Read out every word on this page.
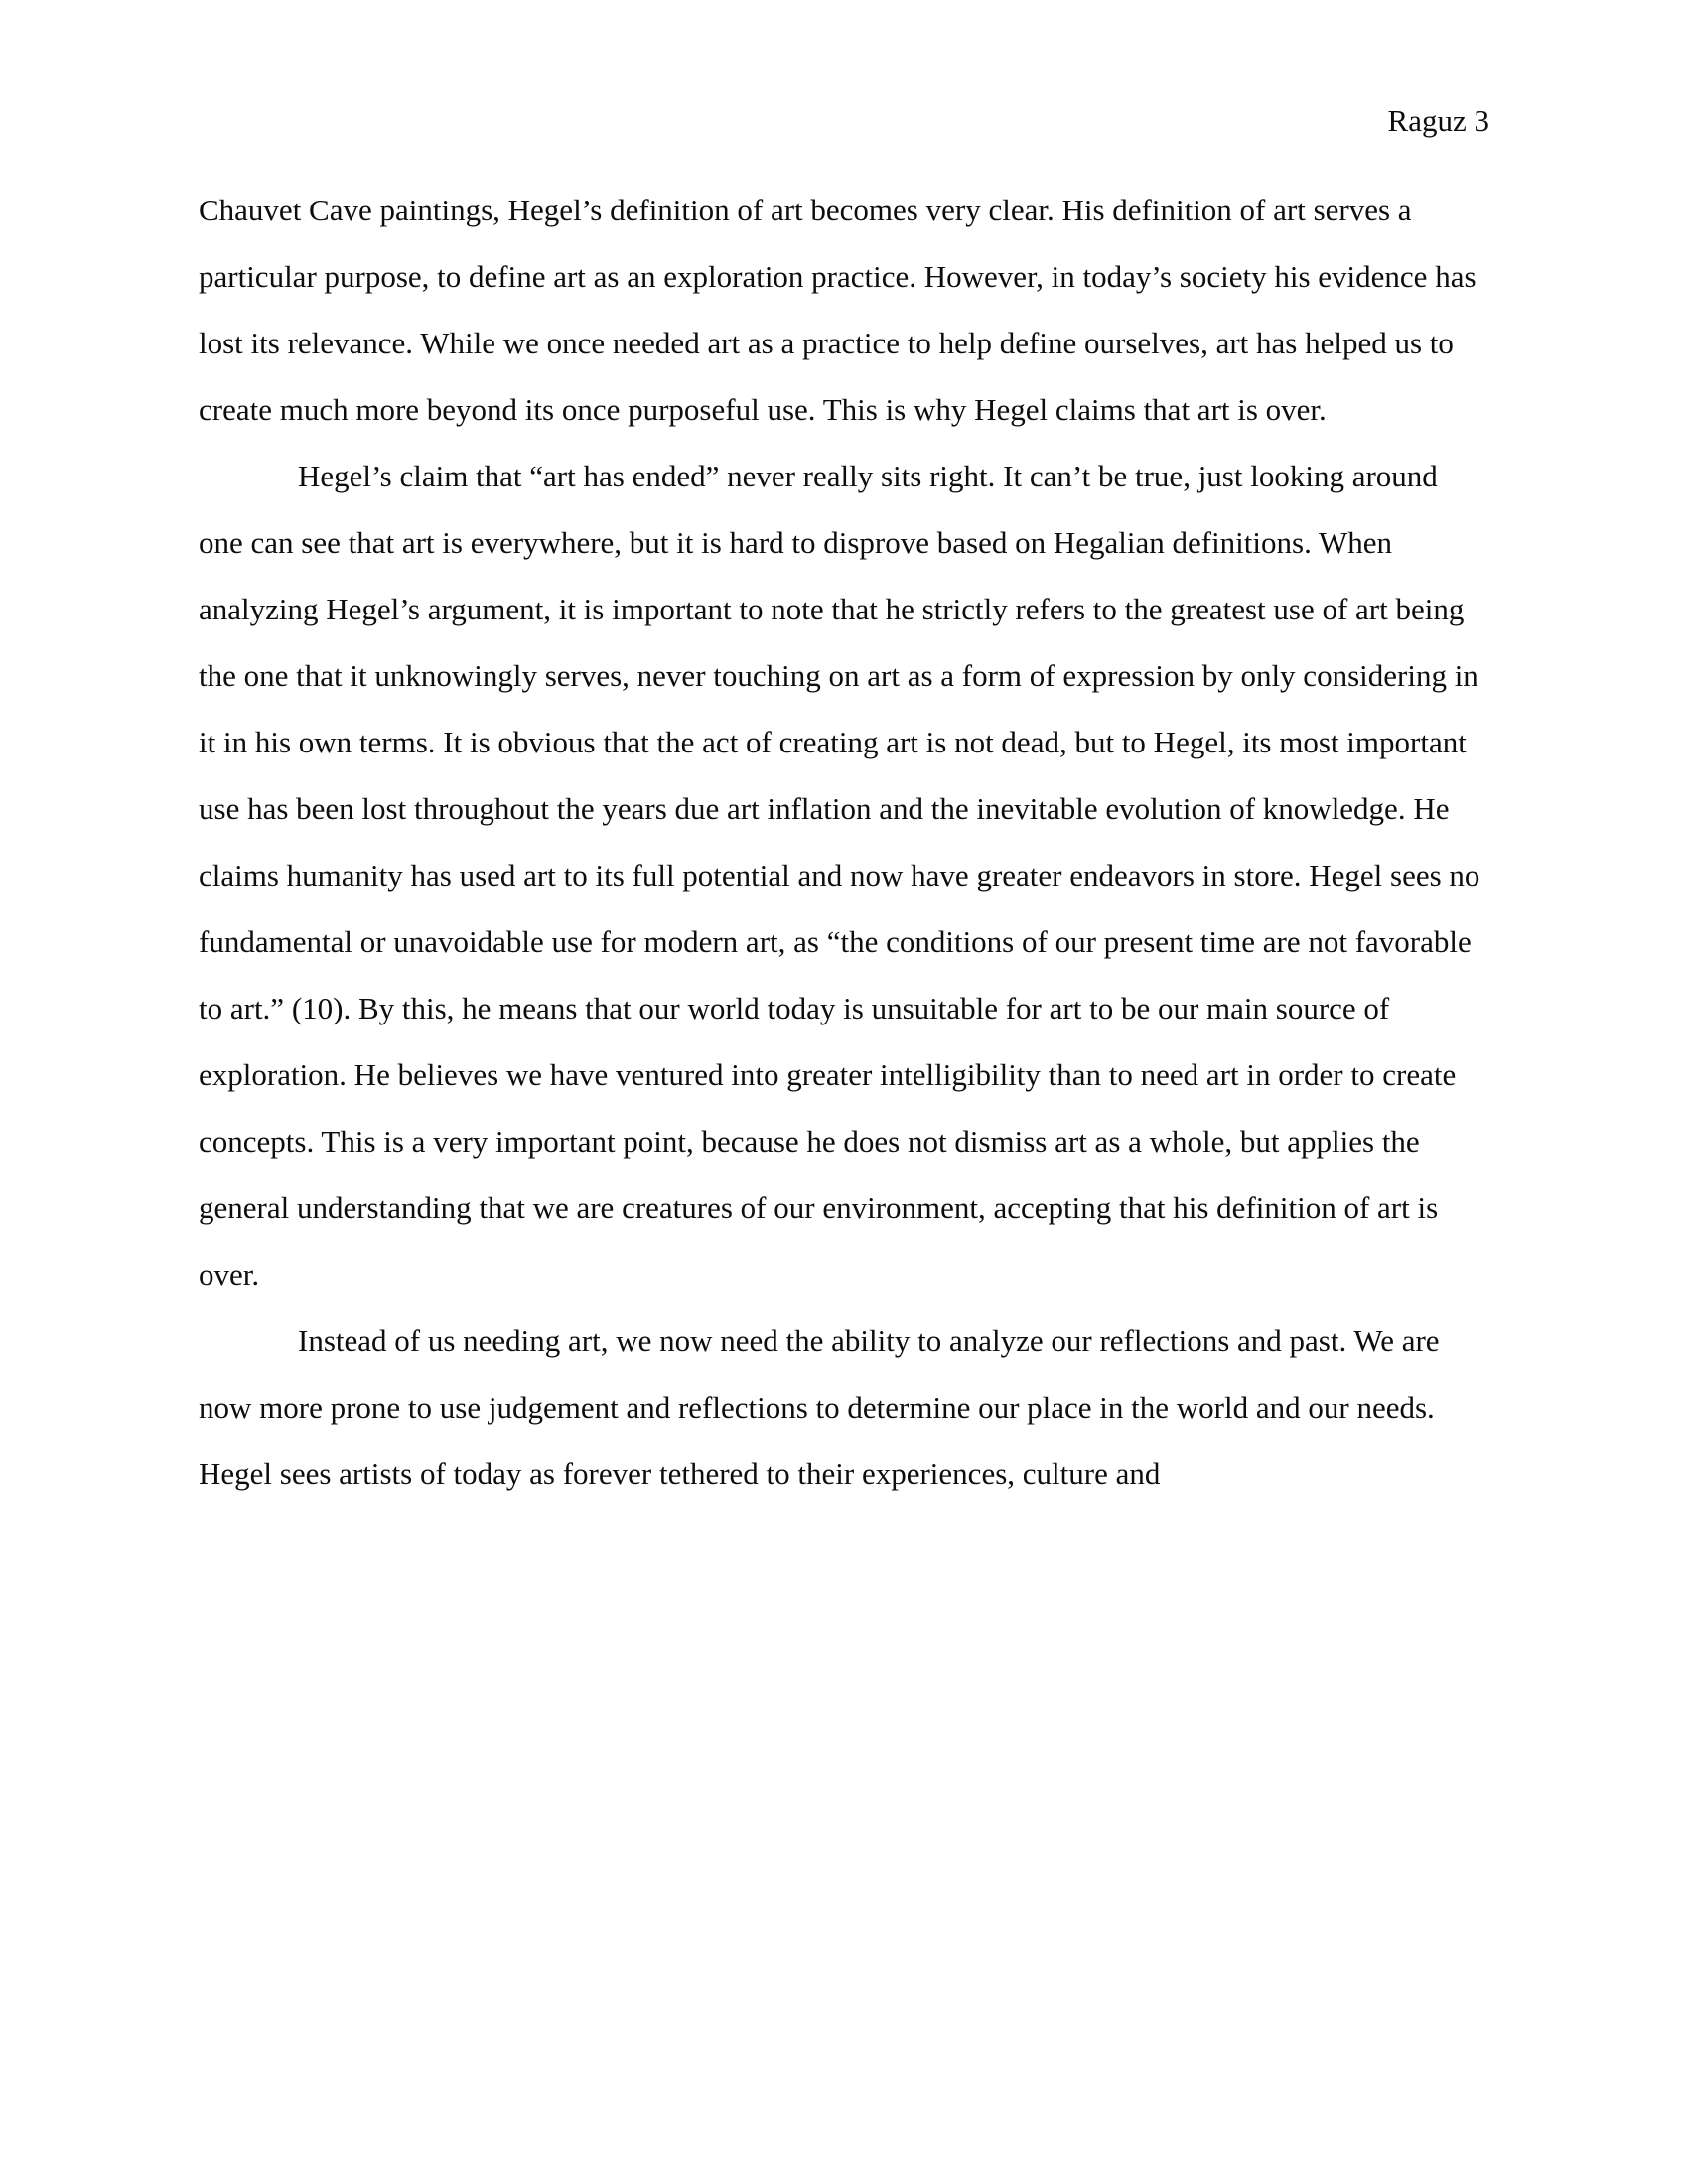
Raguz 3

Chauvet Cave paintings, Hegel’s definition of art becomes very clear. His definition of art serves a particular purpose, to define art as an exploration practice. However, in today’s society his evidence has lost its relevance. While we once needed art as a practice to help define ourselves, art has helped us to create much more beyond its once purposeful use. This is why Hegel claims that art is over.

Hegel’s claim that “art has ended” never really sits right. It can’t be true, just looking around one can see that art is everywhere, but it is hard to disprove based on Hegalian definitions. When analyzing Hegel’s argument, it is important to note that he strictly refers to the greatest use of art being the one that it unknowingly serves, never touching on art as a form of expression by only considering in it in his own terms. It is obvious that the act of creating art is not dead, but to Hegel, its most important use has been lost throughout the years due art inflation and the inevitable evolution of knowledge. He claims humanity has used art to its full potential and now have greater endeavors in store. Hegel sees no fundamental or unavoidable use for modern art, as “the conditions of our present time are not favorable to art.” (10). By this, he means that our world today is unsuitable for art to be our main source of exploration. He believes we have ventured into greater intelligibility than to need art in order to create concepts. This is a very important point, because he does not dismiss art as a whole, but applies the general understanding that we are creatures of our environment, accepting that his definition of art is over.

Instead of us needing art, we now need the ability to analyze our reflections and past. We are now more prone to use judgement and reflections to determine our place in the world and our needs. Hegel sees artists of today as forever tethered to their experiences, culture and
